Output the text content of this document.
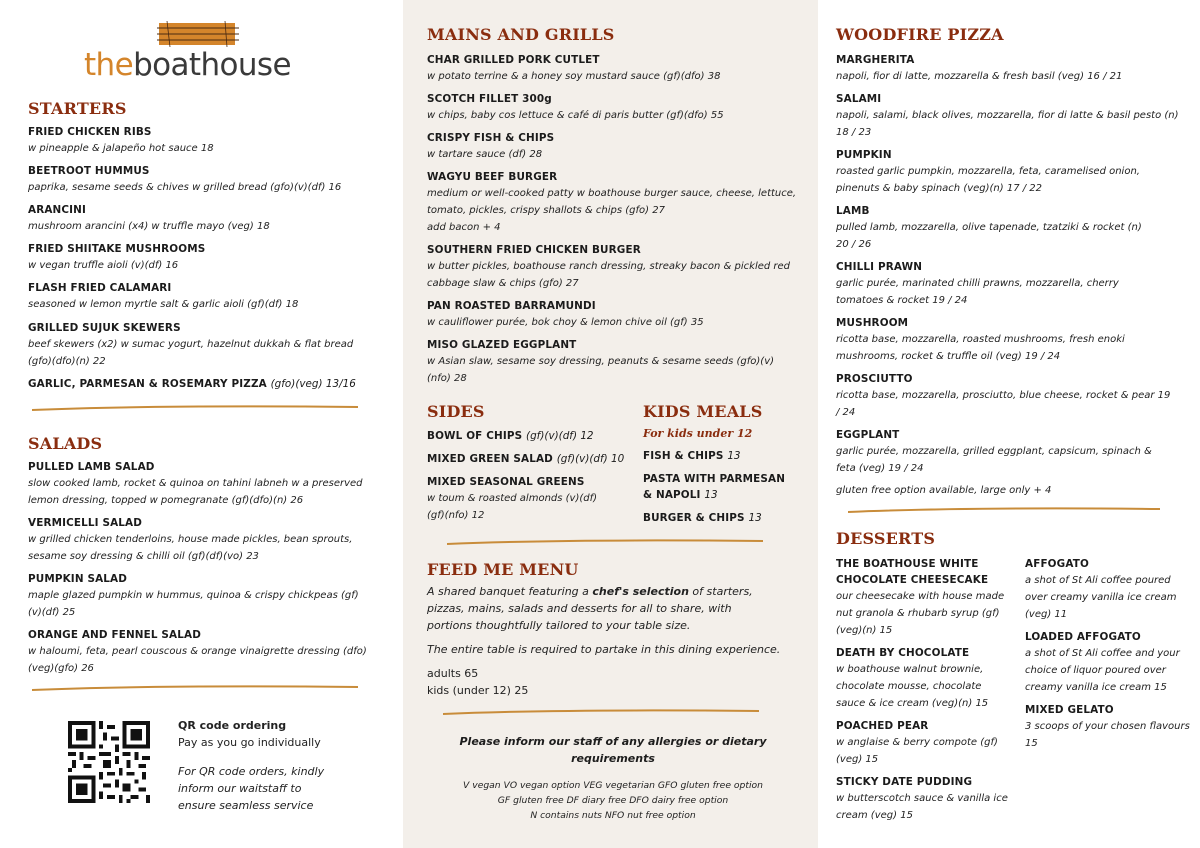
theboathouse
STARTERS
FRIED CHICKEN RIBS
w pineapple & jalapeño hot sauce 18
BEETROOT HUMMUS
paprika, sesame seeds & chives w grilled bread (gfo)(v)(df) 16
ARANCINI
mushroom arancini (x4) w truffle mayo (veg) 18
FRIED SHIITAKE MUSHROOMS
w vegan truffle aioli (v)(df) 16
FLASH FRIED CALAMARI
seasoned w lemon myrtle salt & garlic aioli (gf)(df) 18
GRILLED SUJUK SKEWERS
beef skewers (x2) w sumac yogurt, hazelnut dukkah & flat bread (gfo)(dfo)(n) 22
GARLIC, PARMESAN & ROSEMARY PIZZA (gfo)(veg) 13/16
SALADS
PULLED LAMB SALAD
slow cooked lamb, rocket & quinoa on tahini labneh w a preserved lemon dressing, topped w pomegranate (gf)(dfo)(n) 26
VERMICELLI SALAD
w grilled chicken tenderloins, house made pickles, bean sprouts, sesame soy dressing & chilli oil (gf)(df)(vo) 23
PUMPKIN SALAD
maple glazed pumpkin w hummus, quinoa & crispy chickpeas (gf)(v)(df) 25
ORANGE AND FENNEL SALAD
w haloumi, feta, pearl couscous & orange vinaigrette dressing (dfo) (veg)(gfo) 26
QR code ordering
Pay as you go individually
For QR code orders, kindly inform our waitstaff to ensure seamless service
MAINS AND GRILLS
CHAR GRILLED PORK CUTLET
w potato terrine & a honey soy mustard sauce (gf)(dfo) 38
SCOTCH FILLET 300g
w chips, baby cos lettuce & café di paris butter (gf)(dfo) 55
CRISPY FISH & CHIPS
w tartare sauce (df) 28
WAGYU BEEF BURGER
medium or well-cooked patty w boathouse burger sauce, cheese, lettuce, tomato, pickles, crispy shallots & chips (gfo) 27
add bacon + 4
SOUTHERN FRIED CHICKEN BURGER
w butter pickles, boathouse ranch dressing, streaky bacon & pickled red cabbage slaw & chips (gfo) 27
PAN ROASTED BARRAMUNDI
w cauliflower purée, bok choy & lemon chive oil (gf) 35
MISO GLAZED EGGPLANT
w Asian slaw, sesame soy dressing, peanuts & sesame seeds (gfo)(v) (nfo) 28
SIDES
BOWL OF CHIPS (gf)(v)(df) 12
MIXED GREEN SALAD (gf)(v)(df) 10
MIXED SEASONAL GREENS
w toum & roasted almonds (v)(df) (gf)(nfo) 12
KIDS MEALS
For kids under 12
FISH & CHIPS 13
PASTA WITH PARMESAN
& NAPOLI 13
BURGER & CHIPS 13
FEED ME MENU
A shared banquet featuring a chef's selection of starters, pizzas, mains, salads and desserts for all to share, with portions thoughtfully tailored to your table size.
The entire table is required to partake in this dining experience.
adults 65
kids (under 12) 25
Please inform our staff of any allergies or dietary requirements
V vegan VO vegan option VEG vegetarian GFO gluten free option
GF gluten free DF diary free DFO dairy free option
N contains nuts NFO nut free option
WOODFIRE PIZZA
MARGHERITA
napoli, fior di latte, mozzarella & fresh basil (veg) 16 / 21
SALAMI
napoli, salami, black olives, mozzarella, fior di latte & basil pesto (n) 18 / 23
PUMPKIN
roasted garlic pumpkin, mozzarella, feta, caramelised onion, pinenuts & baby spinach (veg)(n) 17 / 22
LAMB
pulled lamb, mozzarella, olive tapenade, tzatziki & rocket (n) 20 / 26
CHILLI PRAWN
garlic purée, marinated chilli prawns, mozzarella, cherry tomatoes & rocket 19 / 24
MUSHROOM
ricotta base, mozzarella, roasted mushrooms, fresh enoki mushrooms, rocket & truffle oil (veg) 19 / 24
PROSCIUTTO
ricotta base, mozzarella, prosciutto, blue cheese, rocket & pear 19 / 24
EGGPLANT
garlic purée, mozzarella, grilled eggplant, capsicum, spinach & feta (veg) 19 / 24
gluten free option available, large only + 4
DESSERTS
THE BOATHOUSE WHITE
CHOCOLATE CHEESECAKE
our cheesecake with house made nut granola & rhubarb syrup (gf)(veg)(n) 15
DEATH BY CHOCOLATE
w boathouse walnut brownie, chocolate mousse, chocolate sauce & ice cream (veg)(n) 15
POACHED PEAR
w anglaise & berry compote (gf) (veg) 15
STICKY DATE PUDDING
w butterscotch sauce & vanilla ice cream (veg) 15
AFFOGATO
a shot of St Ali coffee poured over creamy vanilla ice cream (veg) 11
LOADED AFFOGATO
a shot of St Ali coffee and your choice of liquor poured over creamy vanilla ice cream 15
MIXED GELATO
3 scoops of your chosen flavours 15
